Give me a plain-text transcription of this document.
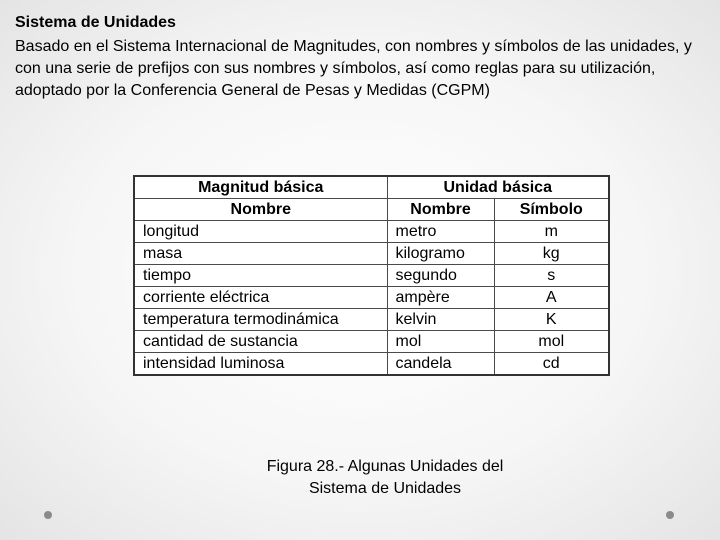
Sistema de Unidades

Basado en el Sistema Internacional de Magnitudes, con nombres y símbolos de las unidades, y con una serie de prefijos con sus nombres y símbolos, así como reglas para su utilización, adoptado por la Conferencia General de Pesas y Medidas (CGPM)

Magnitud básica	Unidad básica	
Nombre	Nombre	Símbolo
longitud	metro	m
masa	kilogramo	kg
tiempo	segundo	s
corriente eléctrica	ampère	A
temperatura termodinámica	kelvin	K
cantidad de sustancia	mol	mol
intensidad luminosa	candela	cd
Figura 28.- Algunas Unidades del
Sistema de Unidades
